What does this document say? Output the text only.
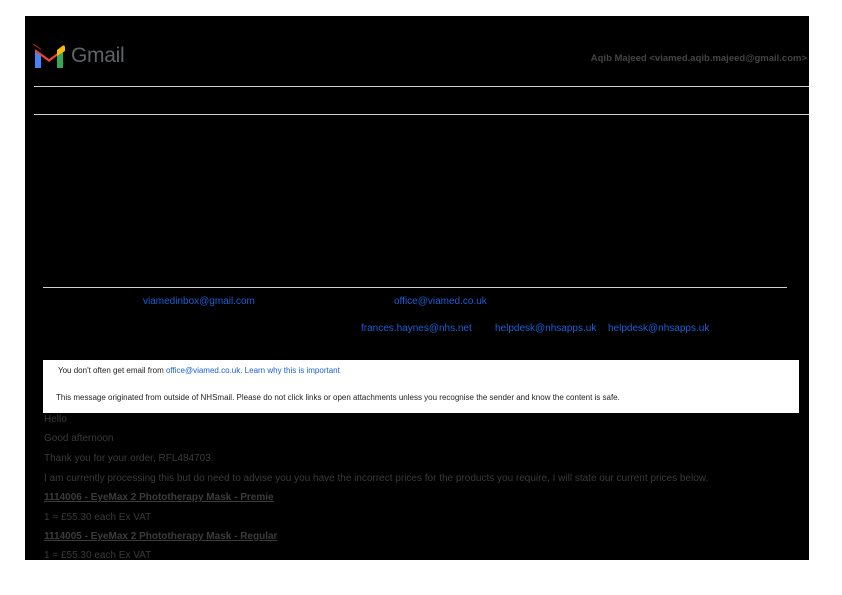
Gmail	Aqib Majeed <viamed.aqib.majeed@gmail.com>
viamedinbox@gmail.com	office@viamed.co.uk
frances.haynes@nhs.net helpdesk@nhsapps.uk helpdesk@nhsapps.uk
You don't often get email from office@viamed.co.uk. Learn why this is important
This message originated from outside of NHSmail. Please do not click links or open attachments unless you recognise the sender and know the content is safe.
Hello
Good afternoon
Thank you for your order, RFL484703.
I am currently processing this but do need to advise you you have the incorrect prices for the products you require, I will state our current prices below.
1114006 - EyeMax 2 Phototherapy Mask - Premie
1 = £55.30 each Ex VAT
1114005 - EyeMax 2 Phototherapy Mask - Regular
1 = £55.30 each Ex VAT
